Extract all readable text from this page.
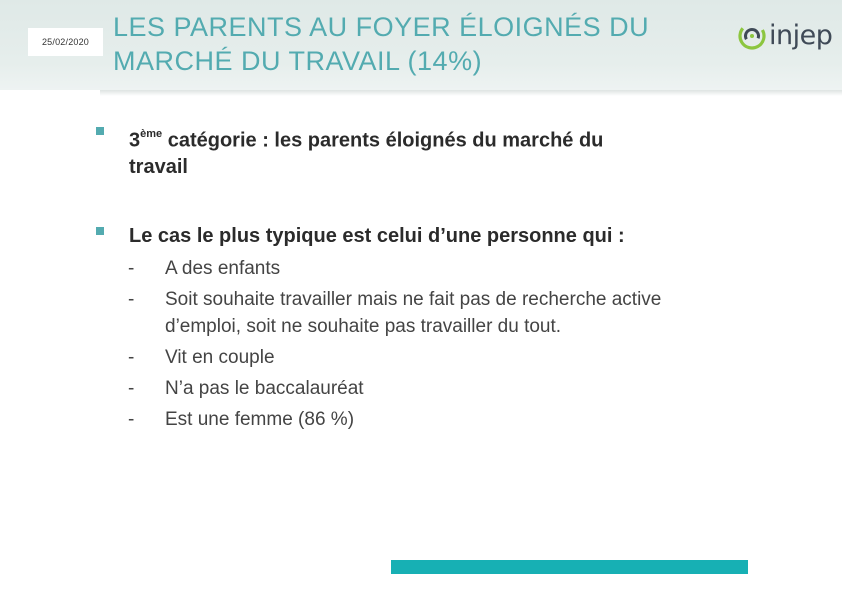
25/02/2020 LES PARENTS AU FOYER ÉLOIGNÉS DU
MARCHÉ DU TRAVAIL (14%)
injep
3ème catégorie : les parents éloignés du marché du
travail
Le cas le plus typique est celui d’une personne qui :
-	A des enfants
-	Soit souhaite travailler mais ne fait pas de recherche active
d’emploi, soit ne souhaite pas travailler du tout.
-	Vit en couple
-	N’a pas le baccalauréat
-	Est une femme (86 %)
